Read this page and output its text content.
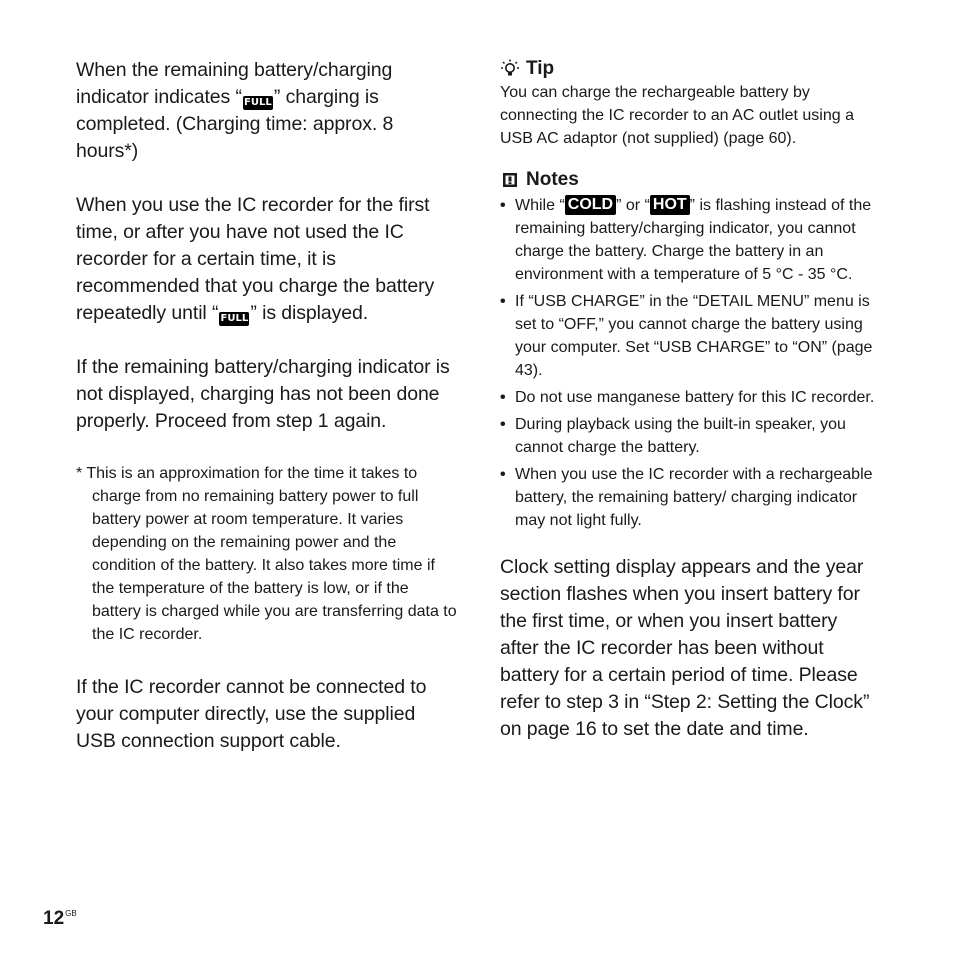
When the remaining battery/charging indicator indicates “ FULL ” charging is completed. (Charging time: approx. 8 hours*)

When you use the IC recorder for the first time, or after you have not used the IC recorder for a certain time, it is recommended that you charge the battery repeatedly until “ FULL ” is displayed.

If the remaining battery/charging indicator is not displayed, charging has not been done properly. Proceed from step 1 again.

* This is an approximation for the time it takes to charge from no remaining battery power to full battery power at room temperature. It varies depending on the remaining power and the condition of the battery. It also takes more time if the temperature of the battery is low, or if the battery is charged while you are transferring data to the IC recorder.

If the IC recorder cannot be connected to your computer directly, use the supplied USB connection support cable.

Tip

You can charge the rechargeable battery by connecting the IC recorder to an AC outlet using a USB AC adaptor (not supplied) (page 60).

Notes
• While “ COLD ” or “ HOT ” is flashing instead of the remaining battery/charging indicator, you cannot charge the battery. Charge the battery in an environment with a temperature of 5 °C - 35 °C.
• If “USB CHARGE” in the “DETAIL MENU” menu is set to “OFF,” you cannot charge the battery using your computer. Set “USB CHARGE” to “ON” (page 43).
• Do not use manganese battery for this IC recorder.
• During playback using the built-in speaker, you cannot charge the battery.
• When you use the IC recorder with a rechargeable battery, the remaining battery/ charging indicator may not light fully.

Clock setting display appears and the year section flashes when you insert battery for the first time, or when you insert battery after the IC recorder has been without battery for a certain period of time. Please refer to step 3 in “Step 2: Setting the Clock” on page 16 to set the date and time.

$12^{GB}$
